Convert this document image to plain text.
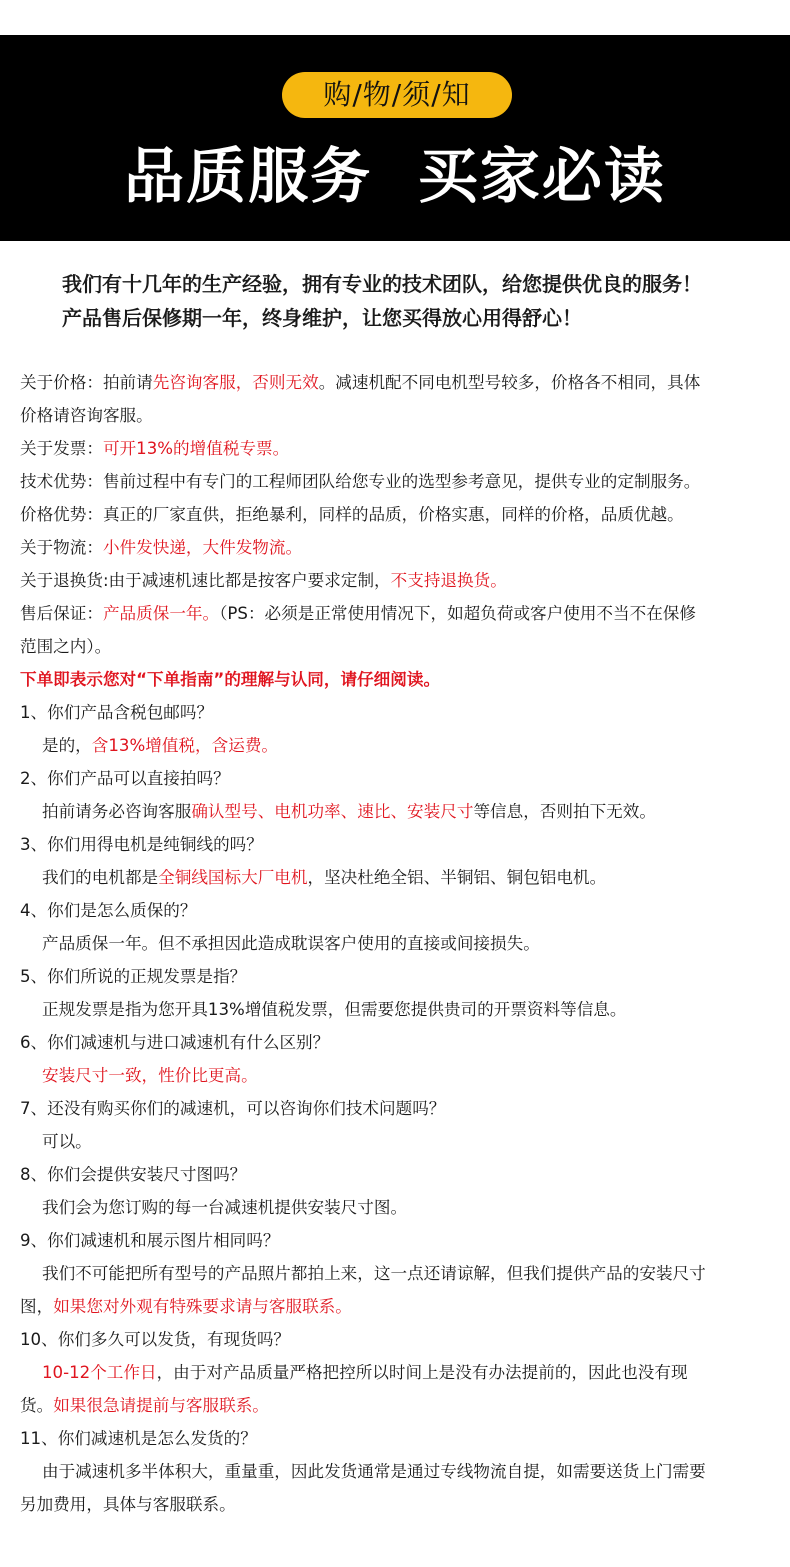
购/物/须/知
品质服务  买家必读
我们有十几年的生产经验，拥有专业的技术团队，给您提供优良的服务！
产品售后保修期一年，终身维护，让您买得放心用得舒心！
关于价格：拍前请先咨询客服，否则无效。减速机配不同电机型号较多，价格各不相同，具体
价格请咨询客服。
关于发票：可开13%的增值税专票。
技术优势：售前过程中有专门的工程师团队给您专业的选型参考意见，提供专业的定制服务。
价格优势：真正的厂家直供，拒绝暴利，同样的品质，价格实惠，同样的价格，品质优越。
关于物流：小件发快递，大件发物流。
关于退换货:由于减速机速比都是按客户要求定制，不支持退换货。
售后保证：产品质保一年。（PS：必须是正常使用情况下，如超负荷或客户使用不当不在保修
范围之内）。
下单即表示您对“下单指南”的理解与认同，请仔细阅读。
1、你们产品含税包邮吗？
是的，含13%增值税，含运费。
2、你们产品可以直接拍吗？
拍前请务必咨询客服确认型号、电机功率、速比、安装尺寸等信息，否则拍下无效。
3、你们用得电机是纯铜线的吗？
我们的电机都是全铜线国标大厂电机，坚决杜绝全铝、半铜铝、铜包铝电机。
4、你们是怎么质保的？
产品质保一年。但不承担因此造成耽误客户使用的直接或间接损失。
5、你们所说的正规发票是指？
正规发票是指为您开具13%增值税发票，但需要您提供贵司的开票资料等信息。
6、你们减速机与进口减速机有什么区别？
安装尺寸一致，性价比更高。
7、还没有购买你们的减速机，可以咨询你们技术问题吗？
可以。
8、你们会提供安装尺寸图吗？
我们会为您订购的每一台减速机提供安装尺寸图。
9、你们减速机和展示图片相同吗？
我们不可能把所有型号的产品照片都拍上来，这一点还请谅解，但我们提供产品的安装尺寸
图，如果您对外观有特殊要求请与客服联系。
10、你们多久可以发货，有现货吗？
10-12个工作日，由于对产品质量严格把控所以时间上是没有办法提前的，因此也没有现
货。如果很急请提前与客服联系。
11、你们减速机是怎么发货的？
由于减速机多半体积大，重量重，因此发货通常是通过专线物流自提，如需要送货上门需要
另加费用，具体与客服联系。
